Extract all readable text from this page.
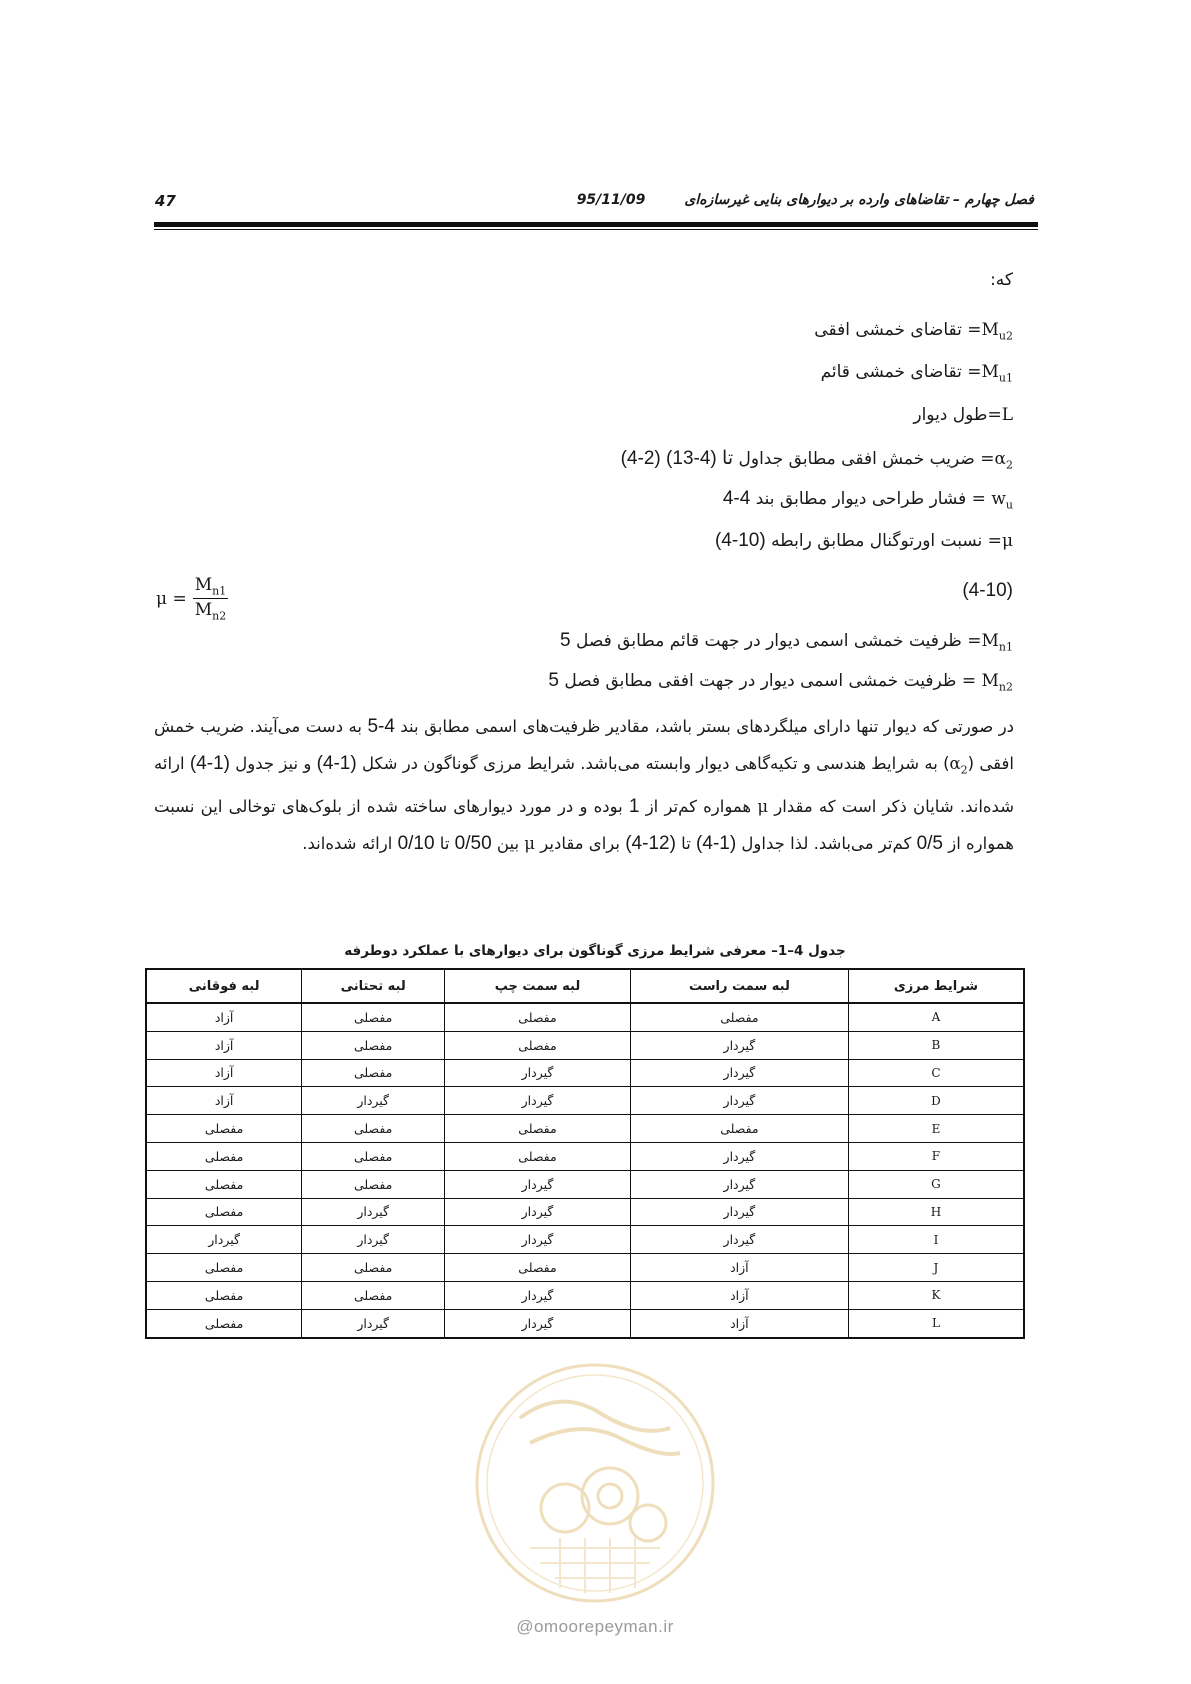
47	فصل چهارم – تقاضاهای وارده بر دیوارهای بنایی غیرسازه‌ای        95/11/09
که:
$M_{u2}=$ تقاضای خمشی افقی
$M_{u1}=$ تقاضای خمشی قائم
L=طول دیوار
$\alpha_2=$ ضریب خمش افقی مطابق جداول (4-2) تا (4-13)
$w_u$ = فشار طراحی دیوار مطابق بند 4-4
μ= نسبت اورتوگنال مطابق رابطه (4-10)
$\mu = \frac{M_{n1}}{M_{n2}}$	(4-10)
$M_{n1}=$ ظرفیت خمشی اسمی دیوار در جهت قائم مطابق فصل 5
$M_{n2}$ = ظرفیت خمشی اسمی دیوار در جهت افقی مطابق فصل 5

در صورتی که دیوار تنها دارای میلگردهای بستر باشد، مقادیر ظرفیت‌های اسمی مطابق بند 5-4 به دست می‌آیند. ضریب خمش افقی $(\alpha_2)$ به شرایط هندسی و تکیه‌گاهی دیوار وابسته می‌باشد. شرایط مرزی گوناگون در شکل (4-1) و نیز جدول (4-1) ارائه شده‌اند. شایان ذکر است که مقدار μ همواره کم‌تر از 1 بوده و در مورد دیوارهای ساخته شده از بلوک‌های توخالی این نسبت همواره از 0/5 کم‌تر می‌باشد. لذا جداول (4-1) تا (4-12) برای مقادیر μ بین 0/50 تا 0/10 ارائه شده‌اند.

جدول 4–1– معرفی شرایط مرزی گوناگون برای دیوارهای با عملکرد دوطرفه
شرایط مرزی	لبه سمت راست	لبه سمت چپ	لبه تحتانی	لبه فوقانی
A	مفصلی	مفصلی	مفصلی	آزاد
B	گیردار	مفصلی	مفصلی	آزاد
C	گیردار	گیردار	مفصلی	آزاد
D	گیردار	گیردار	گیردار	آزاد
E	مفصلی	مفصلی	مفصلی	مفصلی
F	گیردار	مفصلی	مفصلی	مفصلی
G	گیردار	گیردار	مفصلی	مفصلی
H	گیردار	گیردار	گیردار	مفصلی
I	گیردار	گیردار	گیردار	گیردار
J	آزاد	مفصلی	مفصلی	مفصلی
K	آزاد	گیردار	مفصلی	مفصلی
L	آزاد	گیردار	گیردار	مفصلی
@omoorepeyman.ir
